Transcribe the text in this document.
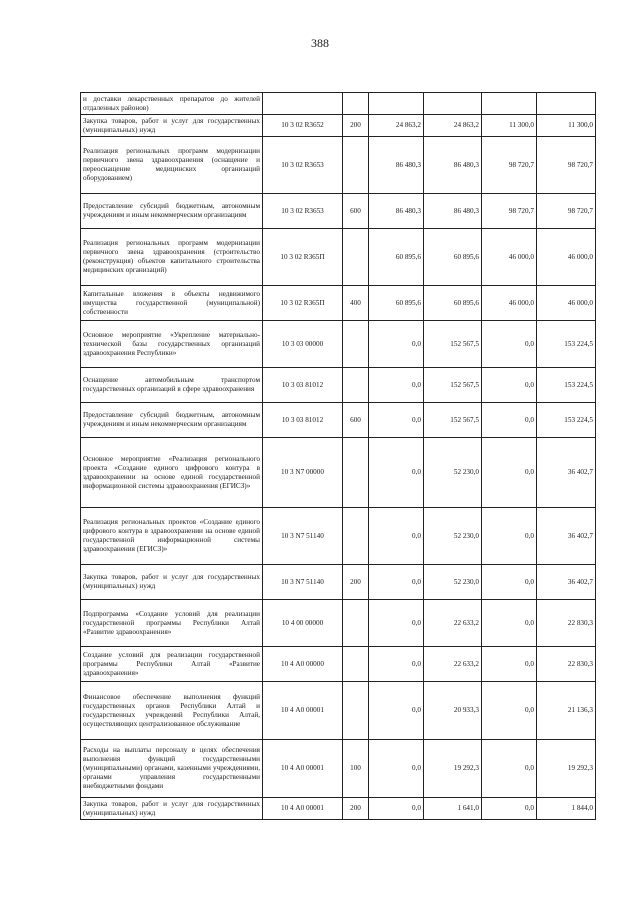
388
и доставки лекарственных препаратов до жителей отдаленных районов)						
Закупка товаров, работ и услуг для государственных (муниципальных) нужд	10 3 02 R3652	200	24 863,2	24 863,2	11 300,0	11 300,0
Реализация региональных программ модернизации первичного звена здравоохранения (оснащение и переоснащение медицинских организаций оборудованием)	10 3 02 R3653		86 480,3	86 480,3	98 720,7	98 720,7
Предоставление субсидий бюджетным, автономным учреждениям и иным некоммерческим организациям	10 3 02 R3653	600	86 480,3	86 480,3	98 720,7	98 720,7
Реализация региональных программ модернизации первичного звена здравоохранения (строительство (реконструкция) объектов капитального строительства медицинских организаций)	10 3 02 R365П		60 895,6	60 895,6	46 000,0	46 000,0
Капитальные вложения в объекты недвижимого имущества государственной (муниципальной) собственности	10 3 02 R365П	400	60 895,6	60 895,6	46 000,0	46 000,0
Основное мероприятие «Укрепление материально-технической базы государственных организаций здравоохранения Республики»	10 3 03 00000		0,0	152 567,5	0,0	153 224,5
Оснащение автомобильным транспортом государственных организаций в сфере здравоохранения	10 3 03 81012		0,0	152 567,5	0,0	153 224,5
Предоставление субсидий бюджетным, автономным учреждениям и иным некоммерческим организациям	10 3 03 81012	600	0,0	152 567,5	0,0	153 224,5
Основное мероприятие «Реализация регионального проекта «Создание единого цифрового контура в здравоохранении на основе единой государственной информационной системы здравоохранения (ЕГИСЗ)»	10 3 N7 00000		0,0	52 230,0	0,0	36 402,7
Реализация региональных проектов «Создание единого цифрового контура в здравоохранении на основе единой государственной информационной системы здравоохранения (ЕГИСЗ)»	10 3 N7 51140		0,0	52 230,0	0,0	36 402,7
Закупка товаров, работ и услуг для государственных (муниципальных) нужд	10 3 N7 51140	200	0,0	52 230,0	0,0	36 402,7
Подпрограмма «Создание условий для реализации государственной программы Республики Алтай «Развитие здравоохранения»	10 4 00 00000		0,0	22 633,2	0,0	22 830,3
Создание условий для реализации государственной программы Республики Алтай «Развитие здравоохранения»	10 4 А0 00000		0,0	22 633,2	0,0	22 830,3
Финансовое обеспечение выполнения функций государственных органов Республики Алтай и государственных учреждений Республики Алтай, осуществляющих централизованное обслуживание	10 4 А0 00001		0,0	20 933,3	0,0	21 136,3
Расходы на выплаты персоналу в целях обеспечения выполнения функций государственными (муниципальными) органами, казенными учреждениями, органами управления государственными внебюджетными фондами	10 4 А0 00001	100	0,0	19 292,3	0,0	19 292,3
Закупка товаров, работ и услуг для государственных (муниципальных) нужд	10 4 А0 00001	200	0,0	1 641,0	0,0	1 844,0
